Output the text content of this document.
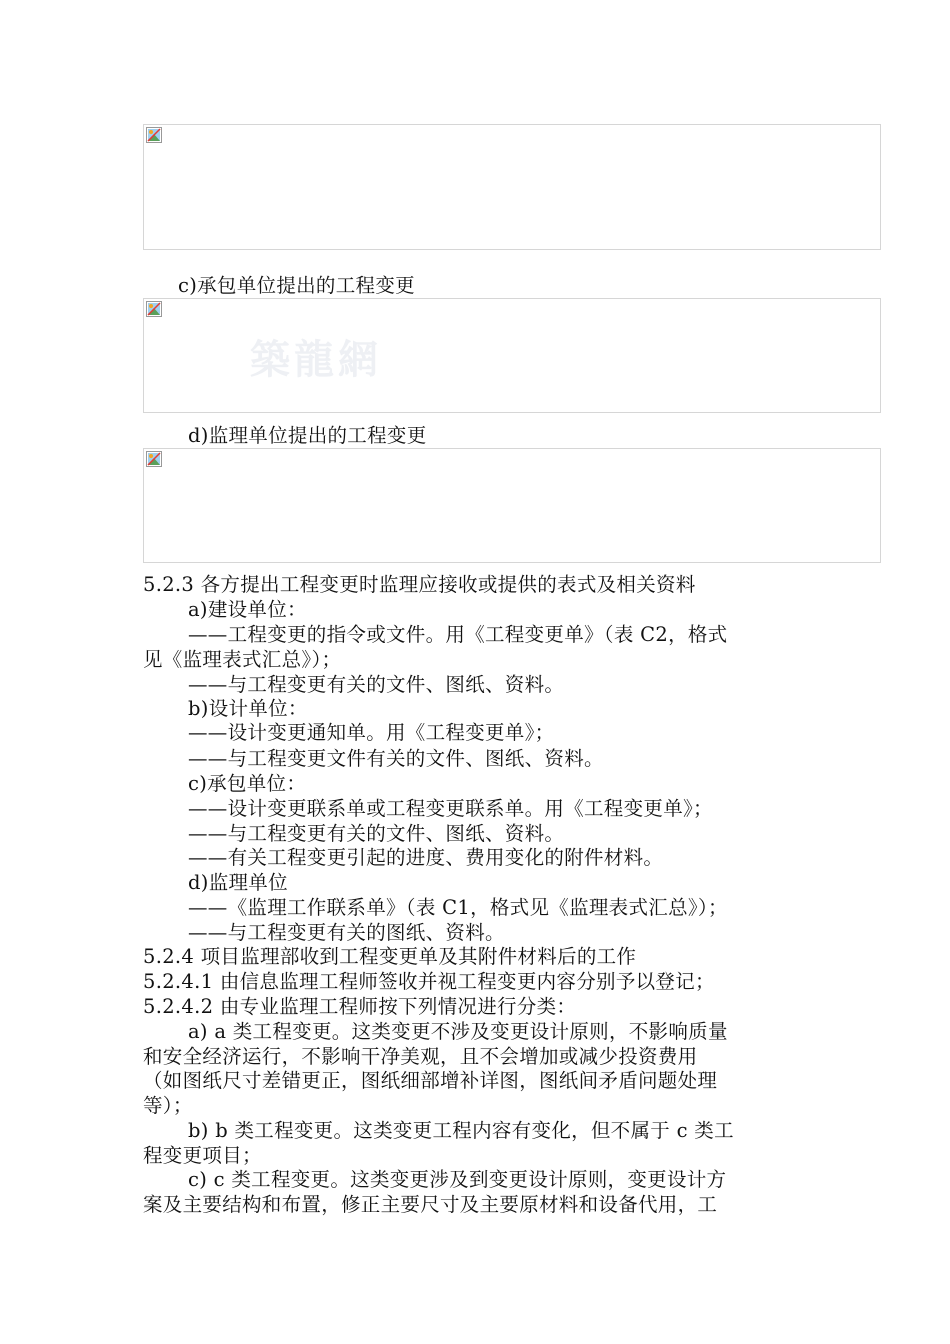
c)承包单位提出的工程变更
築龍網
d)监理单位提出的工程变更
5.2.3 各方提出工程变更时监理应接收或提供的表式及相关资料
a)建设单位：
——工程变更的指令或文件。用《工程变更单》（表 C2，格式
见《监理表式汇总》）；
——与工程变更有关的文件、图纸、资料。
b)设计单位：
——设计变更通知单。用《工程变更单》；
——与工程变更文件有关的文件、图纸、资料。
c)承包单位：
——设计变更联系单或工程变更联系单。用《工程变更单》；
——与工程变更有关的文件、图纸、资料。
——有关工程变更引起的进度、费用变化的附件材料。
d)监理单位
——《监理工作联系单》（表 C1，格式见《监理表式汇总》）；
——与工程变更有关的图纸、资料。
5.2.4 项目监理部收到工程变更单及其附件材料后的工作
5.2.4.1 由信息监理工程师签收并视工程变更内容分别予以登记；
5.2.4.2 由专业监理工程师按下列情况进行分类：
a) a 类工程变更。这类变更不涉及变更设计原则，不影响质量
和安全经济运行，不影响干净美观，且不会增加或减少投资费用
（如图纸尺寸差错更正，图纸细部增补详图，图纸间矛盾问题处理
等）；
b) b 类工程变更。这类变更工程内容有变化，但不属于 c 类工
程变更项目；
c) c 类工程变更。这类变更涉及到变更设计原则，变更设计方
案及主要结构和布置，修正主要尺寸及主要原材料和设备代用，工
